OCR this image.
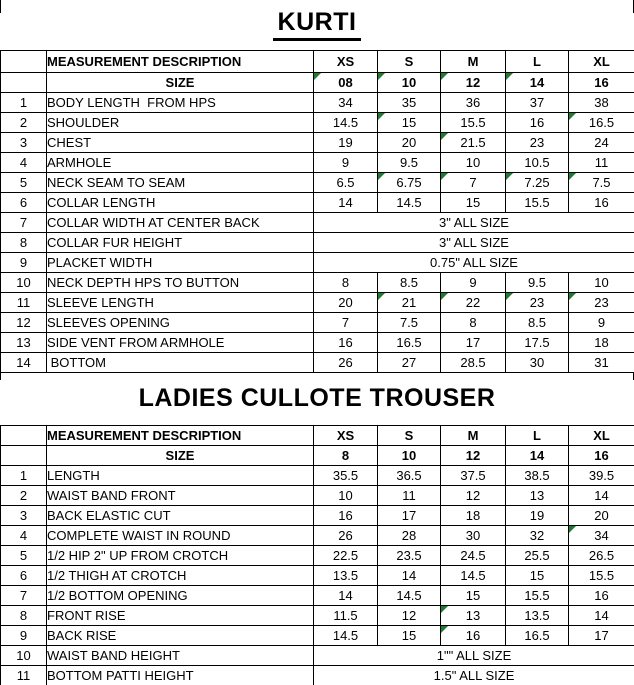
KURTI
	MEASUREMENT DESCRIPTION	XS	S	M	L	XL
	SIZE	08	10	12	14	16
1	BODY LENGTH  FROM HPS	34	35	36	37	38
2	SHOULDER	14.5	15	15.5	16	16.5

3	CHEST	19	20	21.5	23	24
4	ARMHOLE	9	9.5	10	10.5	11
5	NECK SEAM TO SEAM	6.5	6.75	7	7.25	7.5

6	COLLAR LENGTH	14	14.5	15	15.5	16
7	COLLAR WIDTH AT CENTER BACK	3" ALL SIZE				
8	COLLAR FUR HEIGHT	3" ALL SIZE				
9	PLACKET WIDTH	0.75" ALL SIZE				
10	NECK DEPTH HPS TO BUTTON	8	8.5	9	9.5	10
11	SLEEVE LENGTH	20	21	22	23	23

12	SLEEVES OPENING	7	7.5	8	8.5	9
13	SIDE VENT FROM ARMHOLE	16	16.5	17	17.5	18
14	BOTTOM	26	27	28.5	30	31
LADIES CULLOTE TROUSER
	MEASUREMENT DESCRIPTION	XS	S	M	L	XL
	SIZE	8	10	12	14	16
1	LENGTH	35.5	36.5	37.5	38.5	39.5
2	WAIST BAND FRONT	10	11	12	13	14
3	BACK ELASTIC CUT	16	17	18	19	20
4	COMPLETE WAIST IN ROUND	26	28	30	32	34

5	1/2 HIP 2" UP FROM CROTCH	22.5	23.5	24.5	25.5	26.5
6	1/2 THIGH AT CROTCH	13.5	14	14.5	15	15.5
7	1/2 BOTTOM OPENING	14	14.5	15	15.5	16
8	FRONT RISE	11.5	12	13	13.5	14
9	BACK RISE	14.5	15	16	16.5	17
10	WAIST BAND HEIGHT	1"" ALL SIZE				
11	BOTTOM PATTI HEIGHT	1.5" ALL SIZE				
